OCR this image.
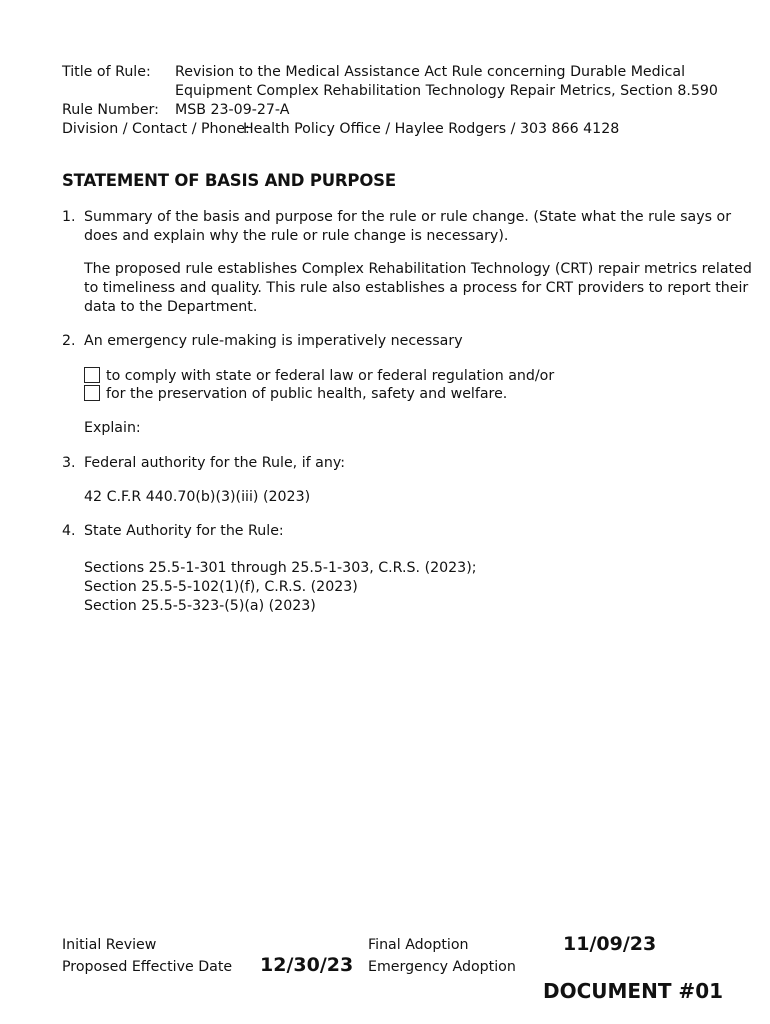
Title of Rule: Revision to the Medical Assistance Act Rule concerning Durable Medical
Equipment Complex Rehabilitation Technology Repair Metrics, Section 8.590
Rule Number: MSB 23-09-27-A
Division / Contact / Phone:
Health Policy Office / Haylee Rodgers / 303 866 4128
STATEMENT OF BASIS AND PURPOSE
1. Summary of the basis and purpose for the rule or rule change. (State what the rule says or
does and explain why the rule or rule change is necessary).
The proposed rule establishes Complex Rehabilitation Technology (CRT) repair metrics related
to timeliness and quality. This rule also establishes a process for CRT providers to report their
data to the Department.
2. An emergency rule-making is imperatively necessary
to comply with state or federal law or federal regulation and/or
for the preservation of public health, safety and welfare.
Explain:
3. Federal authority for the Rule, if any:
42 C.F.R 440.70(b)(3)(iii) (2023)
4. State Authority for the Rule:
Sections 25.5-1-301 through 25.5-1-303, C.R.S. (2023);
Section 25.5-5-102(1)(f), C.R.S. (2023)
Section 25.5-5-323-(5)(a) (2023)
Initial Review
Proposed Effective Date 12/30/23
Final Adoption	11/09/23
Emergency Adoption
DOCUMENT #01
